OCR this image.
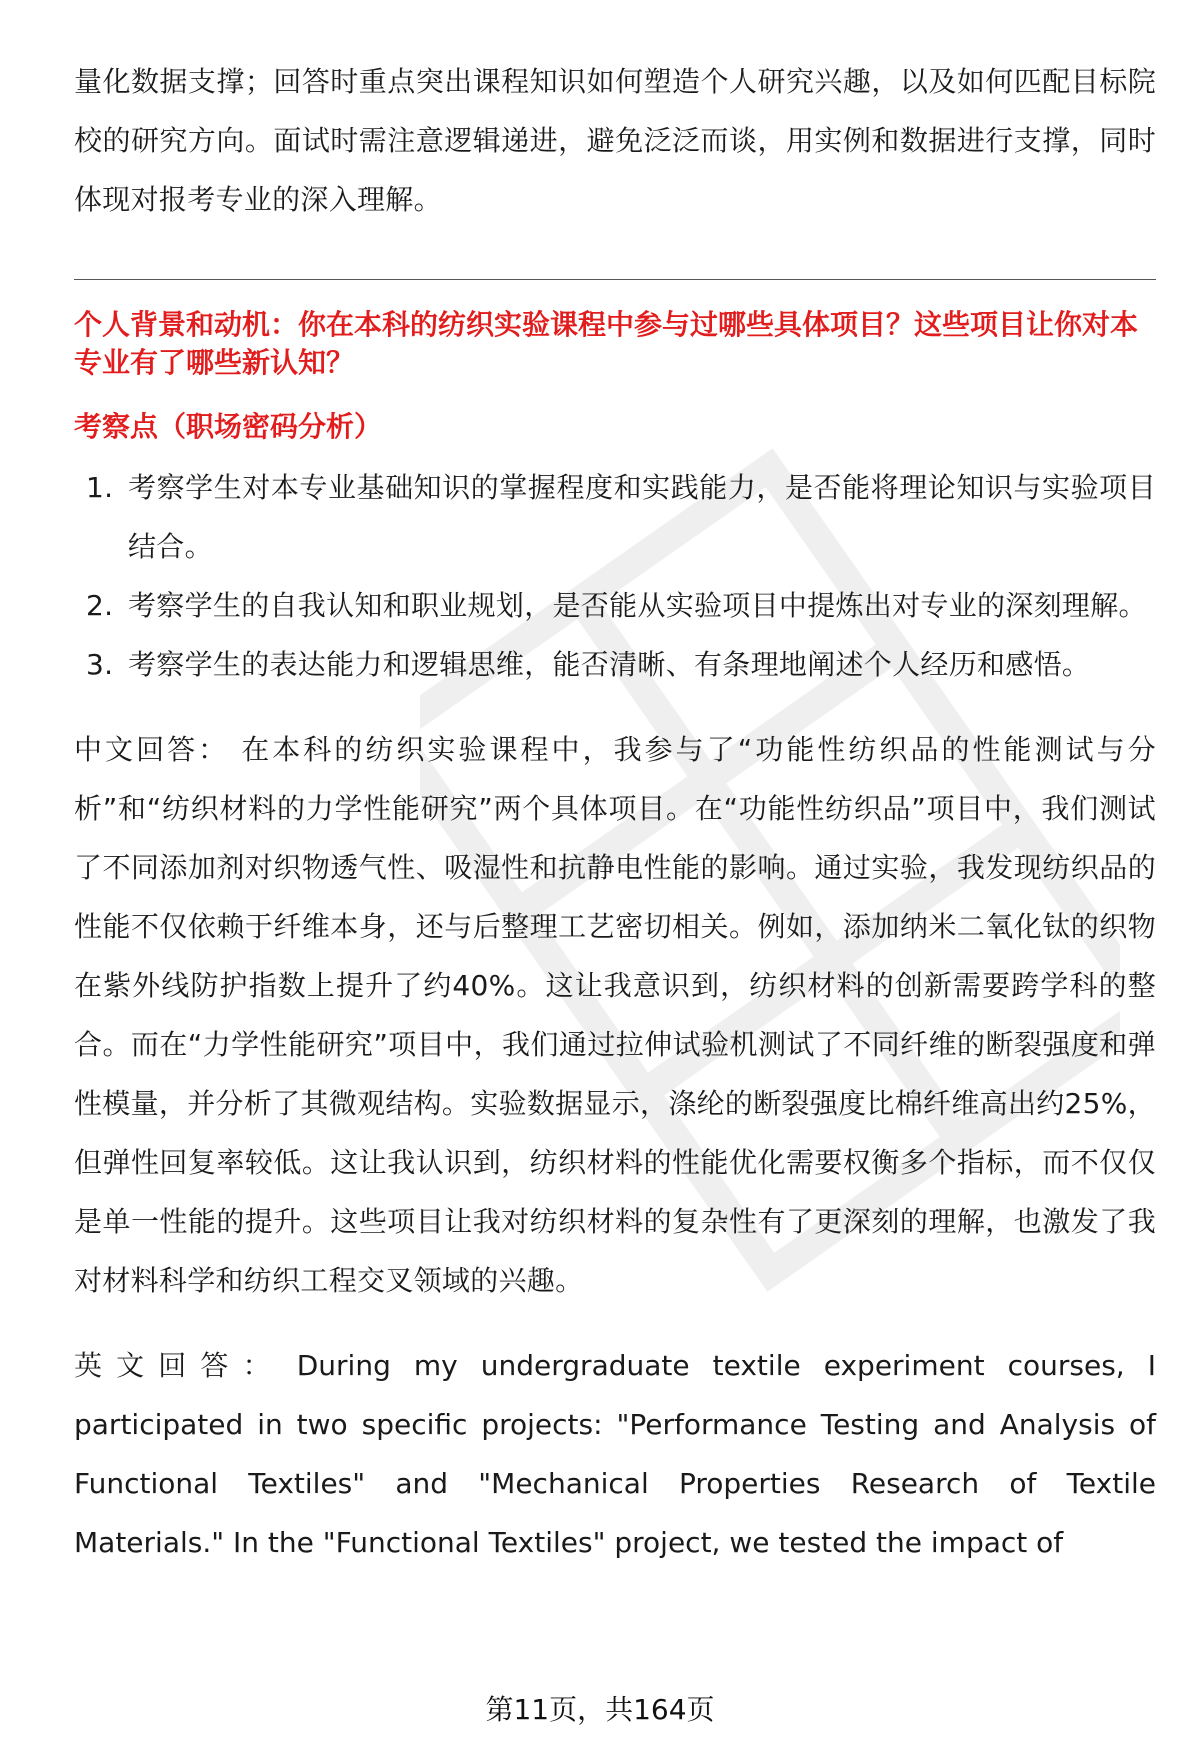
量化数据支撑；回答时重点突出课程知识如何塑造个人研究兴趣，以及如何匹配目标院校的研究方向。面试时需注意逻辑递进，避免泛泛而谈，用实例和数据进行支撑，同时体现对报考专业的深入理解。

个人背景和动机：你在本科的纺织实验课程中参与过哪些具体项目？这些项目让你对本专业有了哪些新认知？

考察点（职场密码分析）

1. 考察学生对本专业基础知识的掌握程度和实践能力，是否能将理论知识与实验项目结合。
2. 考察学生的自我认知和职业规划，是否能从实验项目中提炼出对专业的深刻理解。
3. 考察学生的表达能力和逻辑思维，能否清晰、有条理地阐述个人经历和感悟。

中文回答： 在本科的纺织实验课程中，我参与了“功能性纺织品的性能测试与分析”和“纺织材料的力学性能研究”两个具体项目。在“功能性纺织品”项目中，我们测试了不同添加剂对织物透气性、吸湿性和抗静电性能的影响。通过实验，我发现纺织品的性能不仅依赖于纤维本身，还与后整理工艺密切相关。例如，添加纳米二氧化钛的织物在紫外线防护指数上提升了约40%。这让我意识到，纺织材料的创新需要跨学科的整合。而在“力学性能研究”项目中，我们通过拉伸试验机测试了不同纤维的断裂强度和弹性模量，并分析了其微观结构。实验数据显示，涤纶的断裂强度比棉纤维高出约25%，但弹性回复率较低。这让我认识到，纺织材料的性能优化需要权衡多个指标，而不仅仅是单一性能的提升。这些项目让我对纺织材料的复杂性有了更深刻的理解，也激发了我对材料科学和纺织工程交叉领域的兴趣。

英文回答： During my undergraduate textile experiment courses, I participated in two specific projects: "Performance Testing and Analysis of Functional Textiles" and "Mechanical Properties Research of Textile Materials." In the "Functional Textiles" project, we tested the impact of

第11页，共164页
